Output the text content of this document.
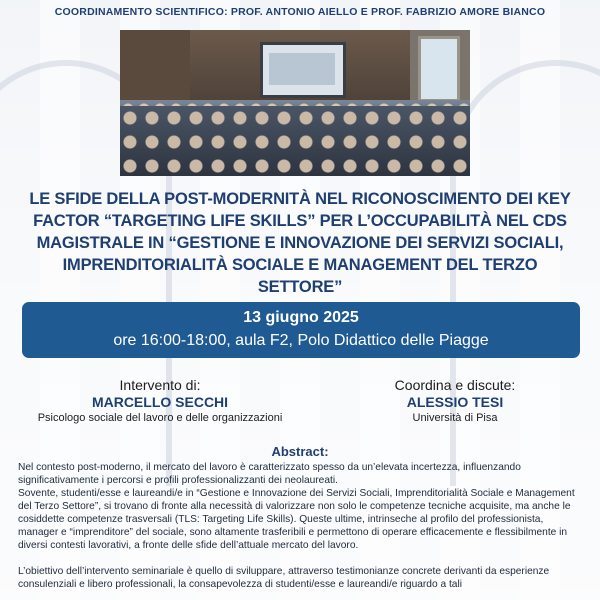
COORDINAMENTO SCIENTIFICO: PROF. ANTONIO AIELLO E PROF. FABRIZIO AMORE BIANCO
LE SFIDE DELLA POST-MODERNITÀ NEL RICONOSCIMENTO DEI KEY
FACTOR “TARGETING LIFE SKILLS” PER L’OCCUPABILITÀ NEL CDS
MAGISTRALE IN “GESTIONE E INNOVAZIONE DEI SERVIZI SOCIALI,
IMPRENDITORIALITÀ SOCIALE E MANAGEMENT DEL TERZO SETTORE”
13 giugno 2025
ore 16:00-18:00, aula F2, Polo Didattico delle Piagge
Intervento di:
MARCELLO SECCHI
Psicologo sociale del lavoro e delle organizzazioni
Coordina e discute:
ALESSIO TESI
Università di Pisa
Abstract:

Nel contesto post-moderno, il mercato del lavoro è caratterizzato spesso da un’elevata incertezza, influenzando significativamente i percorsi e profili professionalizzanti dei neolaureati.

Sovente, studenti/esse e laureandi/e in “Gestione e Innovazione dei Servizi Sociali, Imprenditorialità Sociale e Management del Terzo Settore”, si trovano di fronte alla necessità di valorizzare non solo le competenze tecniche acquisite, ma anche le cosiddette competenze trasversali (TLS: Targeting Life Skills). Queste ultime, intrinseche al profilo del professionista, manager e “imprenditore” del sociale, sono altamente trasferibili e permettono di operare efficacemente e flessibilmente in diversi contesti lavorativi, a fronte delle sfide dell’attuale mercato del lavoro.

L’obiettivo dell’intervento seminariale è quello di sviluppare, attraverso testimonianze concrete derivanti da esperienze consulenziali e libero professionali, la consapevolezza di studenti/esse e laureandi/e riguardo a tali
